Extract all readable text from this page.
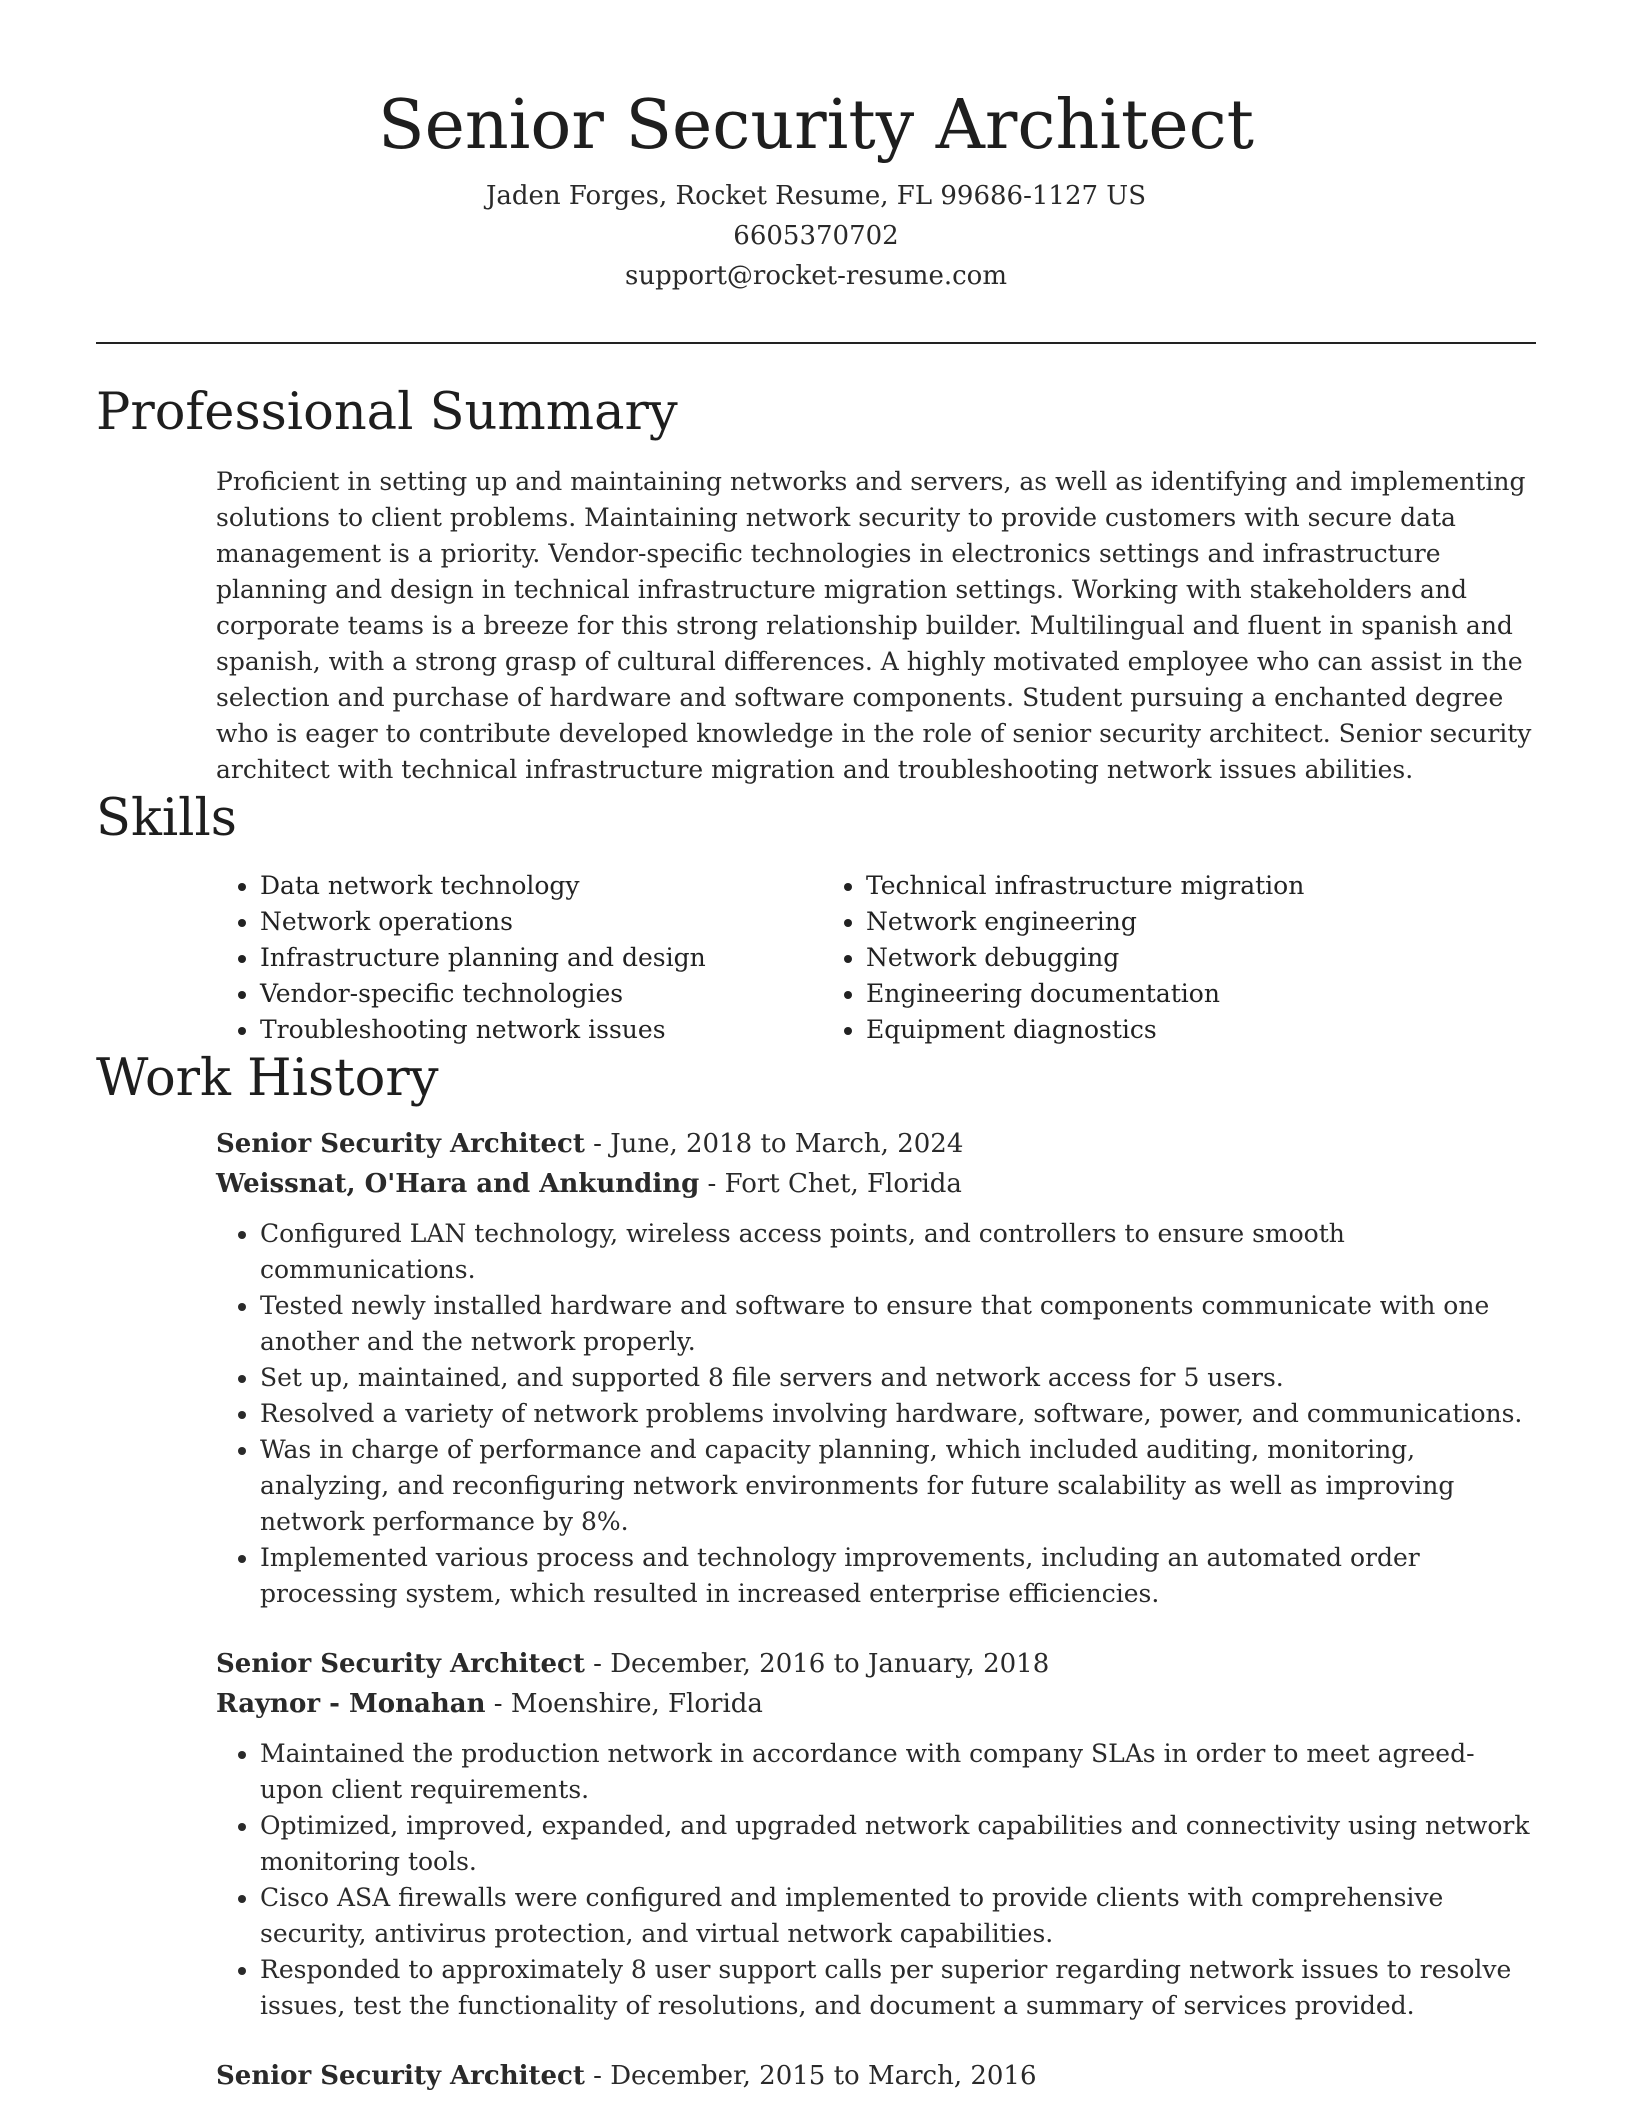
Senior Security Architect
Jaden Forges, Rocket Resume, FL 99686-1127 US
6605370702
support@rocket-resume.com
Professional Summary
Proficient in setting up and maintaining networks and servers, as well as identifying and implementing solutions to client problems. Maintaining network security to provide customers with secure data management is a priority. Vendor-specific technologies in electronics settings and infrastructure planning and design in technical infrastructure migration settings. Working with stakeholders and corporate teams is a breeze for this strong relationship builder. Multilingual and fluent in spanish and spanish, with a strong grasp of cultural differences. A highly motivated employee who can assist in the selection and purchase of hardware and software components. Student pursuing a enchanted degree who is eager to contribute developed knowledge in the role of senior security architect. Senior security architect with technical infrastructure migration and troubleshooting network issues abilities.
Skills
• Data network technology
• Network operations
• Infrastructure planning and design
• Vendor-specific technologies
• Troubleshooting network issues
• Technical infrastructure migration
• Network engineering
• Network debugging
• Engineering documentation
• Equipment diagnostics
Work History
Senior Security Architect - June, 2018 to March, 2024
Weissnat, O'Hara and Ankunding - Fort Chet, Florida
• Configured LAN technology, wireless access points, and controllers to ensure smooth communications.
• Tested newly installed hardware and software to ensure that components communicate with one another and the network properly.
• Set up, maintained, and supported 8 file servers and network access for 5 users.
• Resolved a variety of network problems involving hardware, software, power, and communications.
• Was in charge of performance and capacity planning, which included auditing, monitoring, analyzing, and reconfiguring network environments for future scalability as well as improving network performance by 8%.
• Implemented various process and technology improvements, including an automated order processing system, which resulted in increased enterprise efficiencies.
Senior Security Architect - December, 2016 to January, 2018
Raynor - Monahan - Moenshire, Florida
• Maintained the production network in accordance with company SLAs in order to meet agreed-upon client requirements.
• Optimized, improved, expanded, and upgraded network capabilities and connectivity using network monitoring tools.
• Cisco ASA firewalls were configured and implemented to provide clients with comprehensive security, antivirus protection, and virtual network capabilities.
• Responded to approximately 8 user support calls per superior regarding network issues to resolve issues, test the functionality of resolutions, and document a summary of services provided.
Senior Security Architect - December, 2015 to March, 2016
